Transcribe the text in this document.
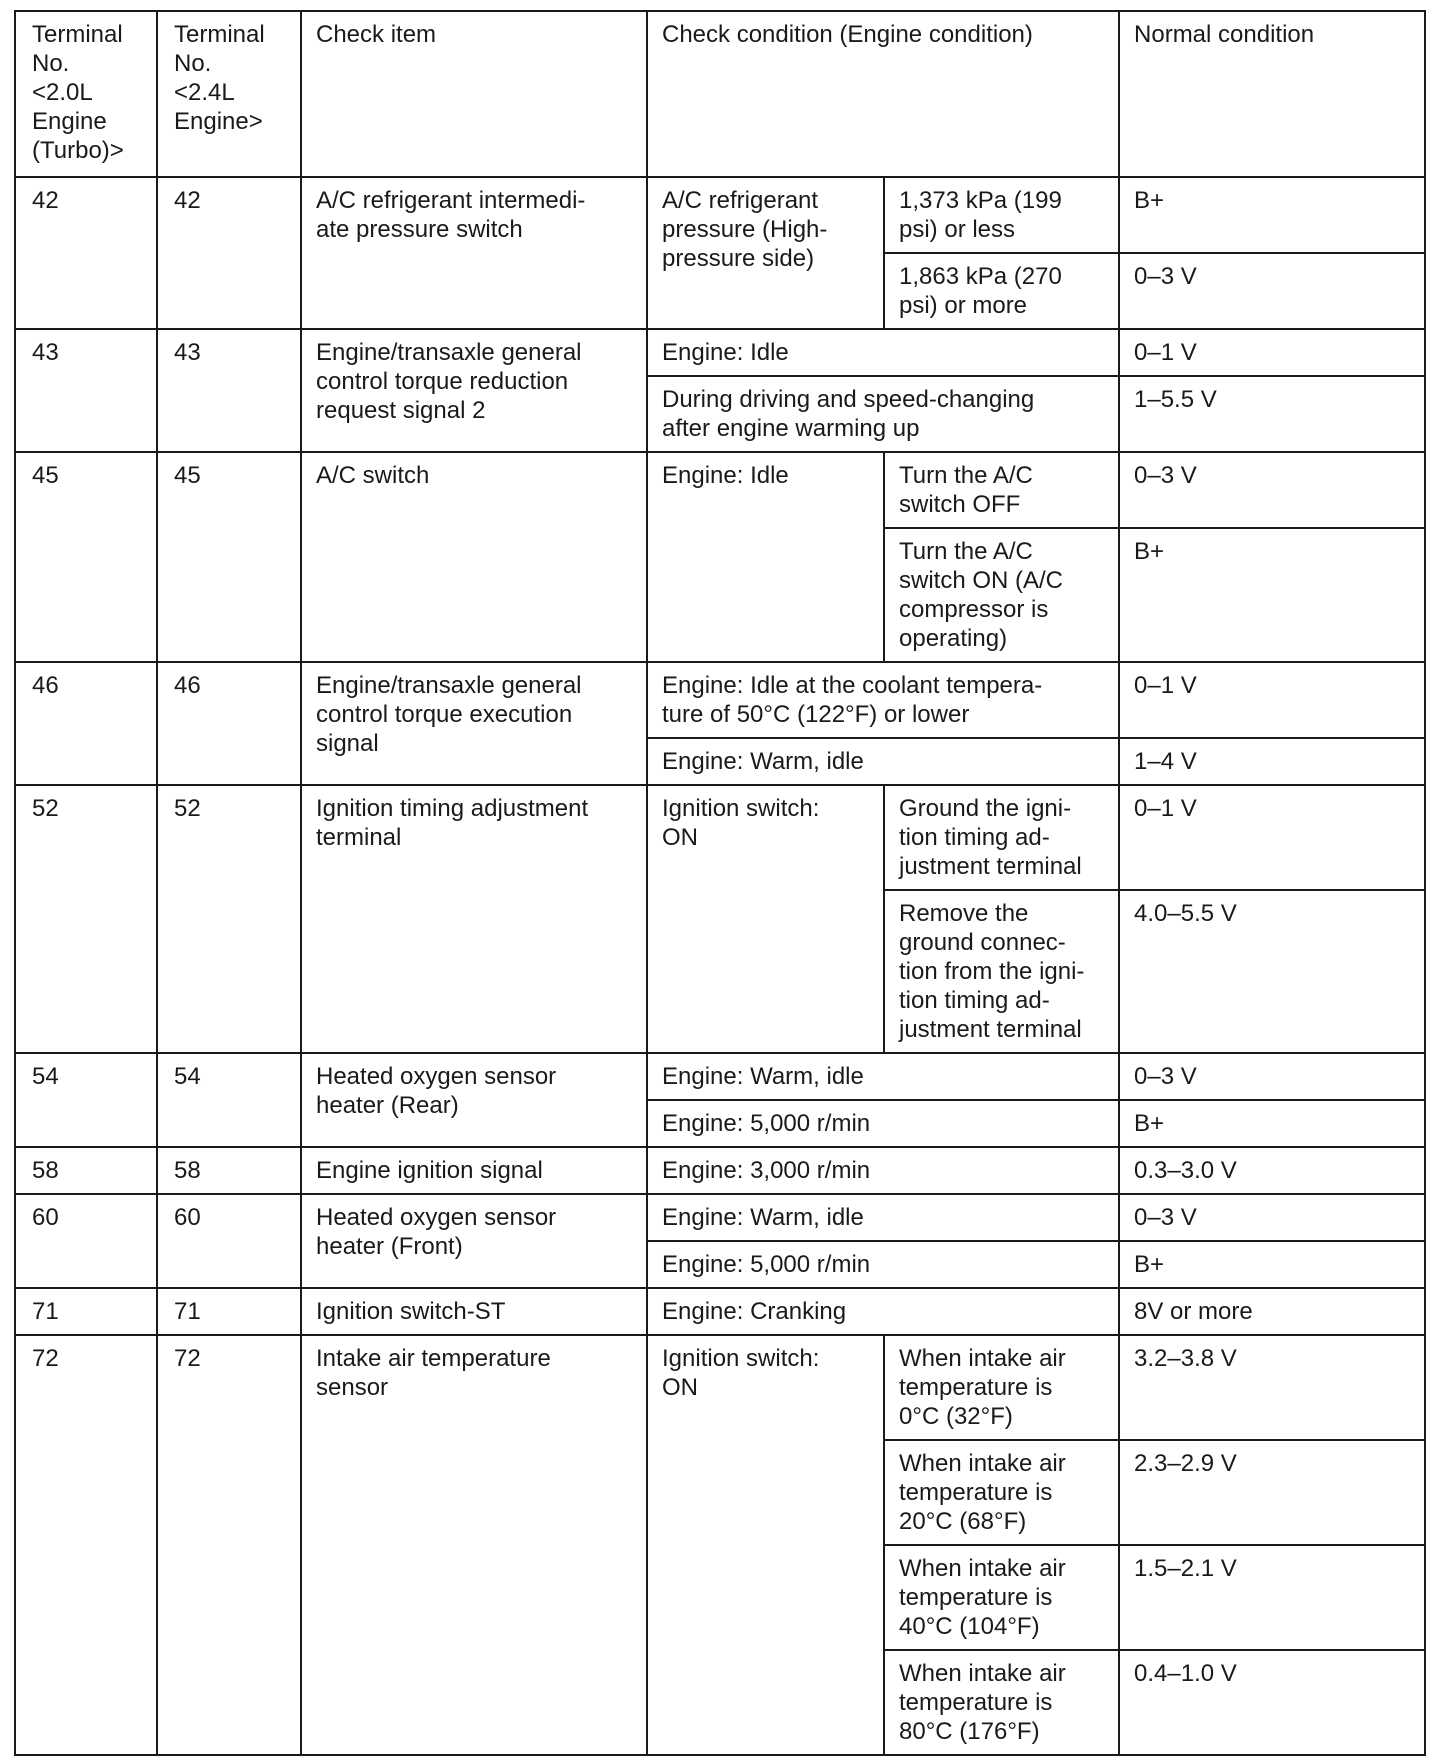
Terminal
No.
<2.0L
Engine
(Turbo)>	Terminal
No.
<2.4L
Engine>	Check item	Check condition (Engine condition)		Normal condition
42	42	A/C refrigerant intermedi-
ate pressure switch	A/C refrigerant
pressure (High-
pressure side)	1,373 kPa (199
psi) or less	B+
				1,863 kPa (270
psi) or more	0–3 V
43	43	Engine/transaxle general
control torque reduction
request signal 2	Engine: Idle		0–1 V
			During driving and speed-changing
after engine warming up		1–5.5 V
45	45	A/C switch	Engine: Idle	Turn the A/C
switch OFF	0–3 V
				Turn the A/C
switch ON (A/C
compressor is
operating)	B+
46	46	Engine/transaxle general
control torque execution
signal	Engine: Idle at the coolant tempera-
ture of 50°C (122°F) or lower		0–1 V
			Engine: Warm, idle		1–4 V
52	52	Ignition timing adjustment
terminal	Ignition switch:
ON	Ground the igni-
tion timing ad-
justment terminal	0–1 V
				Remove the
ground connec-
tion from the igni-
tion timing ad-
justment terminal	4.0–5.5 V
54	54	Heated oxygen sensor
heater (Rear)	Engine: Warm, idle		0–3 V
			Engine: 5,000 r/min		B+
58	58	Engine ignition signal	Engine: 3,000 r/min		0.3–3.0 V
60	60	Heated oxygen sensor
heater (Front)	Engine: Warm, idle		0–3 V
			Engine: 5,000 r/min		B+
71	71	Ignition switch-ST	Engine: Cranking		8V or more
72	72	Intake air temperature
sensor	Ignition switch:
ON	When intake air
temperature is
0°C (32°F)	3.2–3.8 V
				When intake air
temperature is
20°C (68°F)	2.3–2.9 V
				When intake air
temperature is
40°C (104°F)	1.5–2.1 V
				When intake air
temperature is
80°C (176°F)	0.4–1.0 V
